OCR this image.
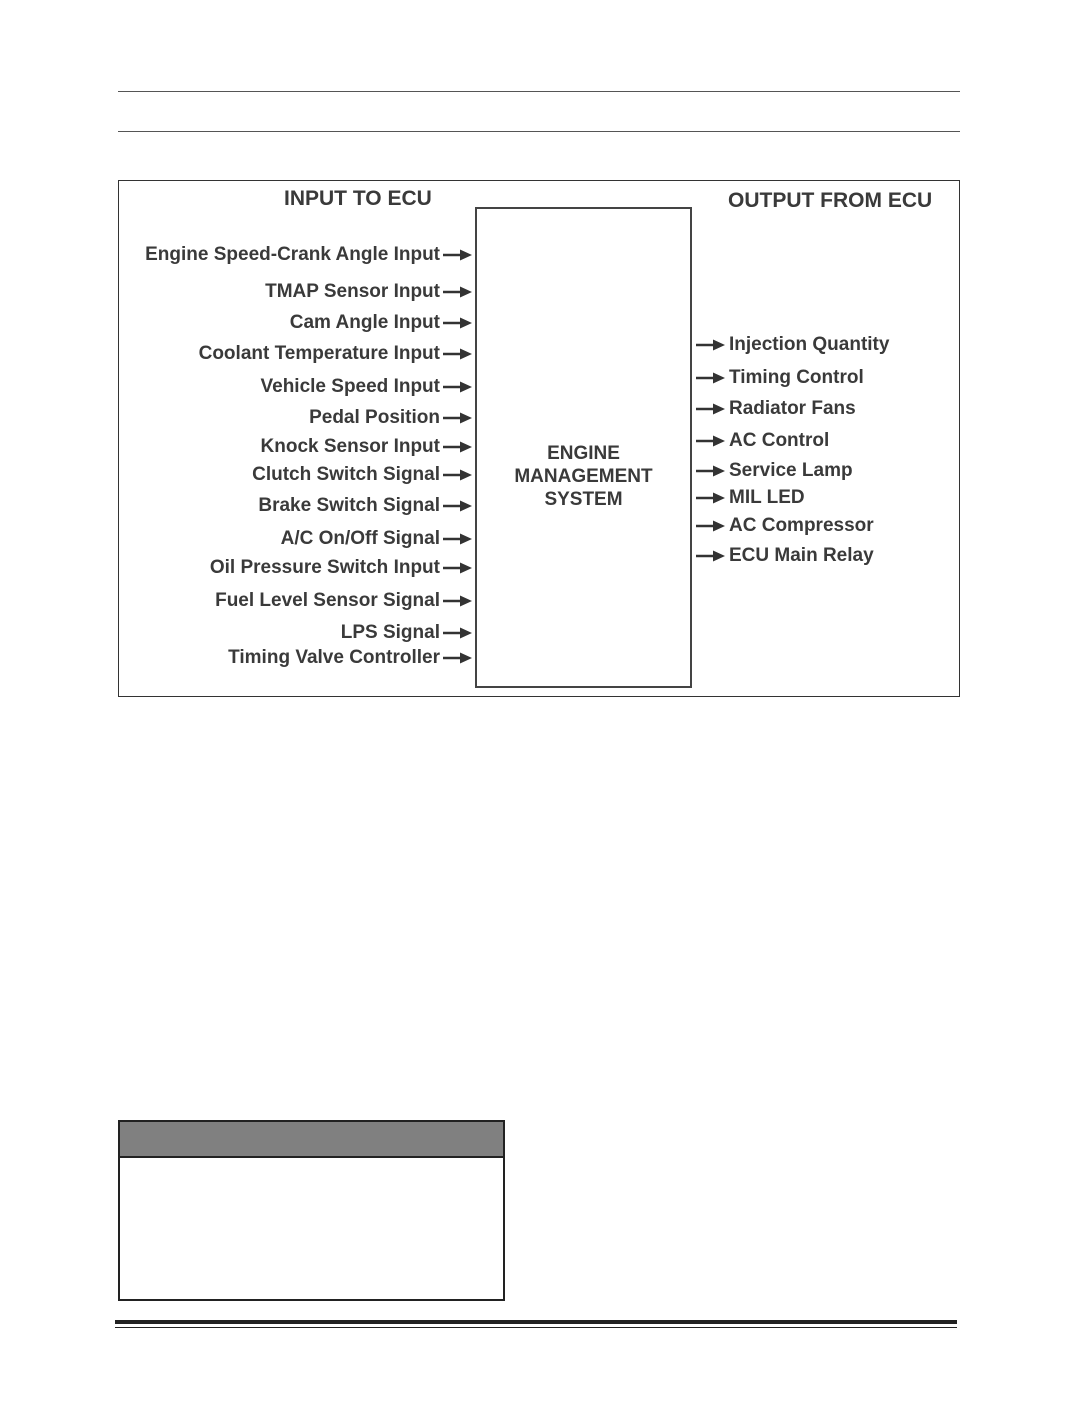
INPUT TO ECU	OUTPUT FROM ECU
ENGINE
MANAGEMENT
SYSTEM
Engine Speed-Crank Angle Input
TMAP Sensor Input
Cam Angle Input
Coolant Temperature Input
Vehicle Speed Input
Pedal Position
Knock Sensor Input
Clutch Switch Signal
Brake Switch Signal
A/C On/Off Signal
Oil Pressure Switch Input
Fuel Level Sensor Signal
LPS Signal
Timing Valve Controller
Injection Quantity
Timing Control
Radiator Fans
AC Control
Service Lamp
MIL LED
AC Compressor
ECU Main Relay
